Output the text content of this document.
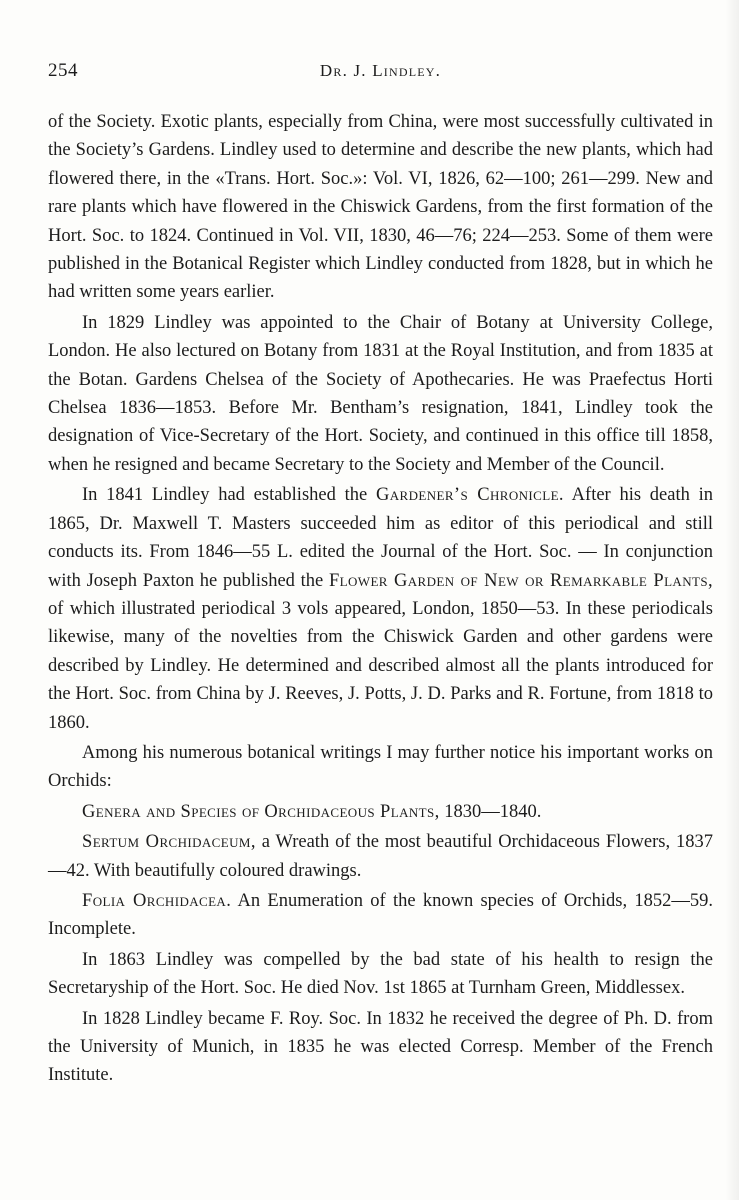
254	Dr. J. Lindley.

of the Society. Exotic plants, especially from China, were most successfully cultivated in the Society’s Gardens. Lindley used to determine and describe the new plants, which had flowered there, in the «Trans. Hort. Soc.»: Vol. VI, 1826, 62—100; 261—299. New and rare plants which have flowered in the Chiswick Gardens, from the first formation of the Hort. Soc. to 1824. Continued in Vol. VII, 1830, 46—76; 224—253. Some of them were published in the Botanical Register which Lindley conducted from 1828, but in which he had written some years earlier.

In 1829 Lindley was appointed to the Chair of Botany at University College, London. He also lectured on Botany from 1831 at the Royal Institution, and from 1835 at the Botan. Gardens Chelsea of the Society of Apothecaries. He was Praefectus Horti Chelsea 1836—1853. Before Mr. Bentham’s resignation, 1841, Lindley took the designation of Vice-Secretary of the Hort. Society, and continued in this office till 1858, when he resigned and became Secretary to the Society and Member of the Council.

In 1841 Lindley had established the Gardener’s Chronicle. After his death in 1865, Dr. Maxwell T. Masters succeeded him as editor of this periodical and still conducts its. From 1846—55 L. edited the Journal of the Hort. Soc. — In conjunction with Joseph Paxton he published the Flower Garden of New or Remarkable Plants, of which illustrated periodical 3 vols appeared, London, 1850—53. In these periodicals likewise, many of the novelties from the Chiswick Garden and other gardens were described by Lindley. He determined and described almost all the plants introduced for the Hort. Soc. from China by J. Reeves, J. Potts, J. D. Parks and R. Fortune, from 1818 to 1860.

Among his numerous botanical writings I may further notice his important works on Orchids:

Genera and Species of Orchidaceous Plants, 1830—1840.

Sertum Orchidaceum, a Wreath of the most beautiful Orchidaceous Flowers, 1837—42. With beautifully coloured drawings.

Folia Orchidacea. An Enumeration of the known species of Orchids, 1852—59. Incomplete.

In 1863 Lindley was compelled by the bad state of his health to resign the Secretaryship of the Hort. Soc. He died Nov. 1st 1865 at Turnham Green, Middlessex.

In 1828 Lindley became F. Roy. Soc. In 1832 he received the degree of Ph. D. from the University of Munich, in 1835 he was elected Corresp. Member of the French Institute.
